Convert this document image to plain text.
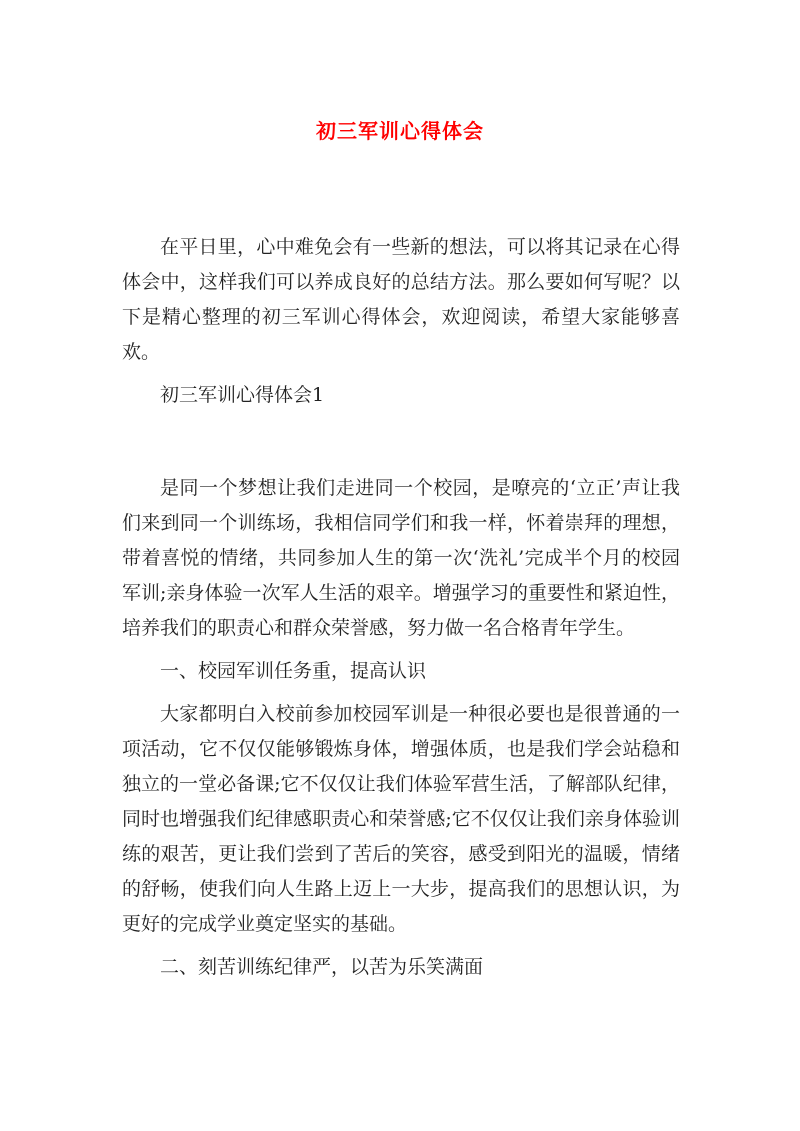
初三军训心得体会

在平日里，心中难免会有一些新的想法，可以将其记录在心得体会中，这样我们可以养成良好的总结方法。那么要如何写呢？以下是精心整理的初三军训心得体会，欢迎阅读，希望大家能够喜欢。

初三军训心得体会1

是同一个梦想让我们走进同一个校园，是嘹亮的‘立正’声让我们来到同一个训练场，我相信同学们和我一样，怀着崇拜的理想，带着喜悦的情绪，共同参加人生的第一次‘洗礼’完成半个月的校园军训;亲身体验一次军人生活的艰辛。增强学习的重要性和紧迫性，培养我们的职责心和群众荣誉感，努力做一名合格青年学生。

一、校园军训任务重，提高认识

大家都明白入校前参加校园军训是一种很必要也是很普通的一项活动，它不仅仅能够锻炼身体，增强体质，也是我们学会站稳和独立的一堂必备课;它不仅仅让我们体验军营生活，了解部队纪律，同时也增强我们纪律感职责心和荣誉感;它不仅仅让我们亲身体验训练的艰苦，更让我们尝到了苦后的笑容，感受到阳光的温暖，情绪的舒畅，使我们向人生路上迈上一大步，提高我们的思想认识，为更好的完成学业奠定坚实的基础。

二、刻苦训练纪律严，以苦为乐笑满面
